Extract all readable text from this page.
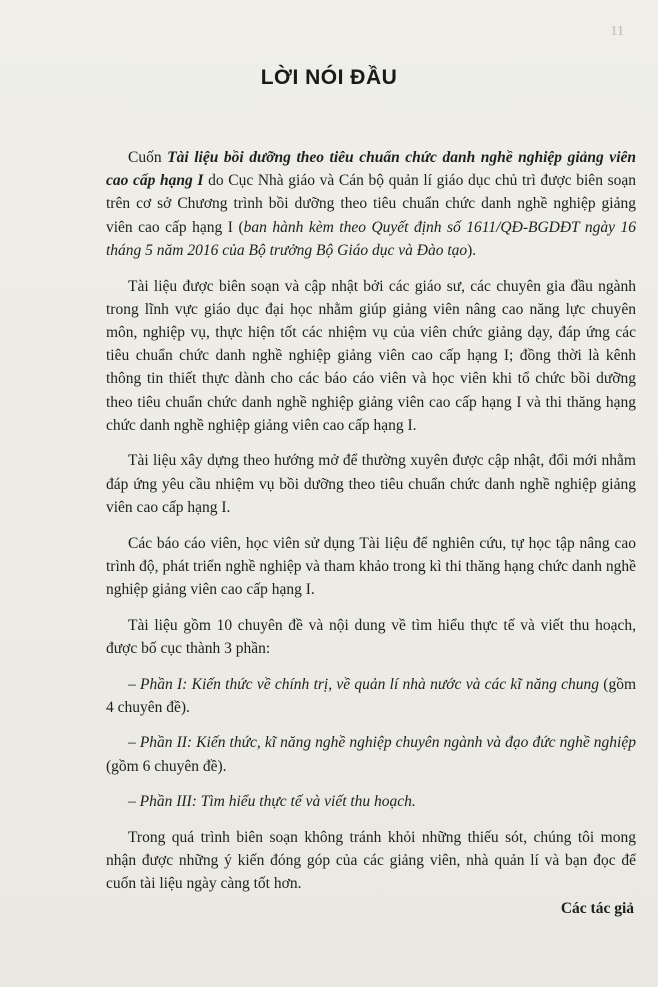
11
LỜI NÓI ĐẦU

Cuốn Tài liệu bồi dưỡng theo tiêu chuẩn chức danh nghề nghiệp giảng viên cao cấp hạng I do Cục Nhà giáo và Cán bộ quản lí giáo dục chủ trì được biên soạn trên cơ sở Chương trình bồi dưỡng theo tiêu chuẩn chức danh nghề nghiệp giảng viên cao cấp hạng I (ban hành kèm theo Quyết định số 1611/QĐ-BGDĐT ngày 16 tháng 5 năm 2016 của Bộ trưởng Bộ Giáo dục và Đào tạo).

Tài liệu được biên soạn và cập nhật bởi các giáo sư, các chuyên gia đầu ngành trong lĩnh vực giáo dục đại học nhằm giúp giảng viên nâng cao năng lực chuyên môn, nghiệp vụ, thực hiện tốt các nhiệm vụ của viên chức giảng dạy, đáp ứng các tiêu chuẩn chức danh nghề nghiệp giảng viên cao cấp hạng I; đồng thời là kênh thông tin thiết thực dành cho các báo cáo viên và học viên khi tổ chức bồi dưỡng theo tiêu chuẩn chức danh nghề nghiệp giảng viên cao cấp hạng I và thi thăng hạng chức danh nghề nghiệp giảng viên cao cấp hạng I.

Tài liệu xây dựng theo hướng mở để thường xuyên được cập nhật, đổi mới nhằm đáp ứng yêu cầu nhiệm vụ bồi dưỡng theo tiêu chuẩn chức danh nghề nghiệp giảng viên cao cấp hạng I.

Các báo cáo viên, học viên sử dụng Tài liệu để nghiên cứu, tự học tập nâng cao trình độ, phát triển nghề nghiệp và tham khảo trong kì thi thăng hạng chức danh nghề nghiệp giảng viên cao cấp hạng I.

Tài liệu gồm 10 chuyên đề và nội dung về tìm hiểu thực tế và viết thu hoạch, được bố cục thành 3 phần:

– Phần I: Kiến thức về chính trị, về quản lí nhà nước và các kĩ năng chung (gồm 4 chuyên đề).

– Phần II: Kiến thức, kĩ năng nghề nghiệp chuyên ngành và đạo đức nghề nghiệp (gồm 6 chuyên đề).

– Phần III: Tìm hiểu thực tế và viết thu hoạch.

Trong quá trình biên soạn không tránh khỏi những thiếu sót, chúng tôi mong nhận được những ý kiến đóng góp của các giảng viên, nhà quản lí và bạn đọc để cuốn tài liệu ngày càng tốt hơn.

Các tác giả
